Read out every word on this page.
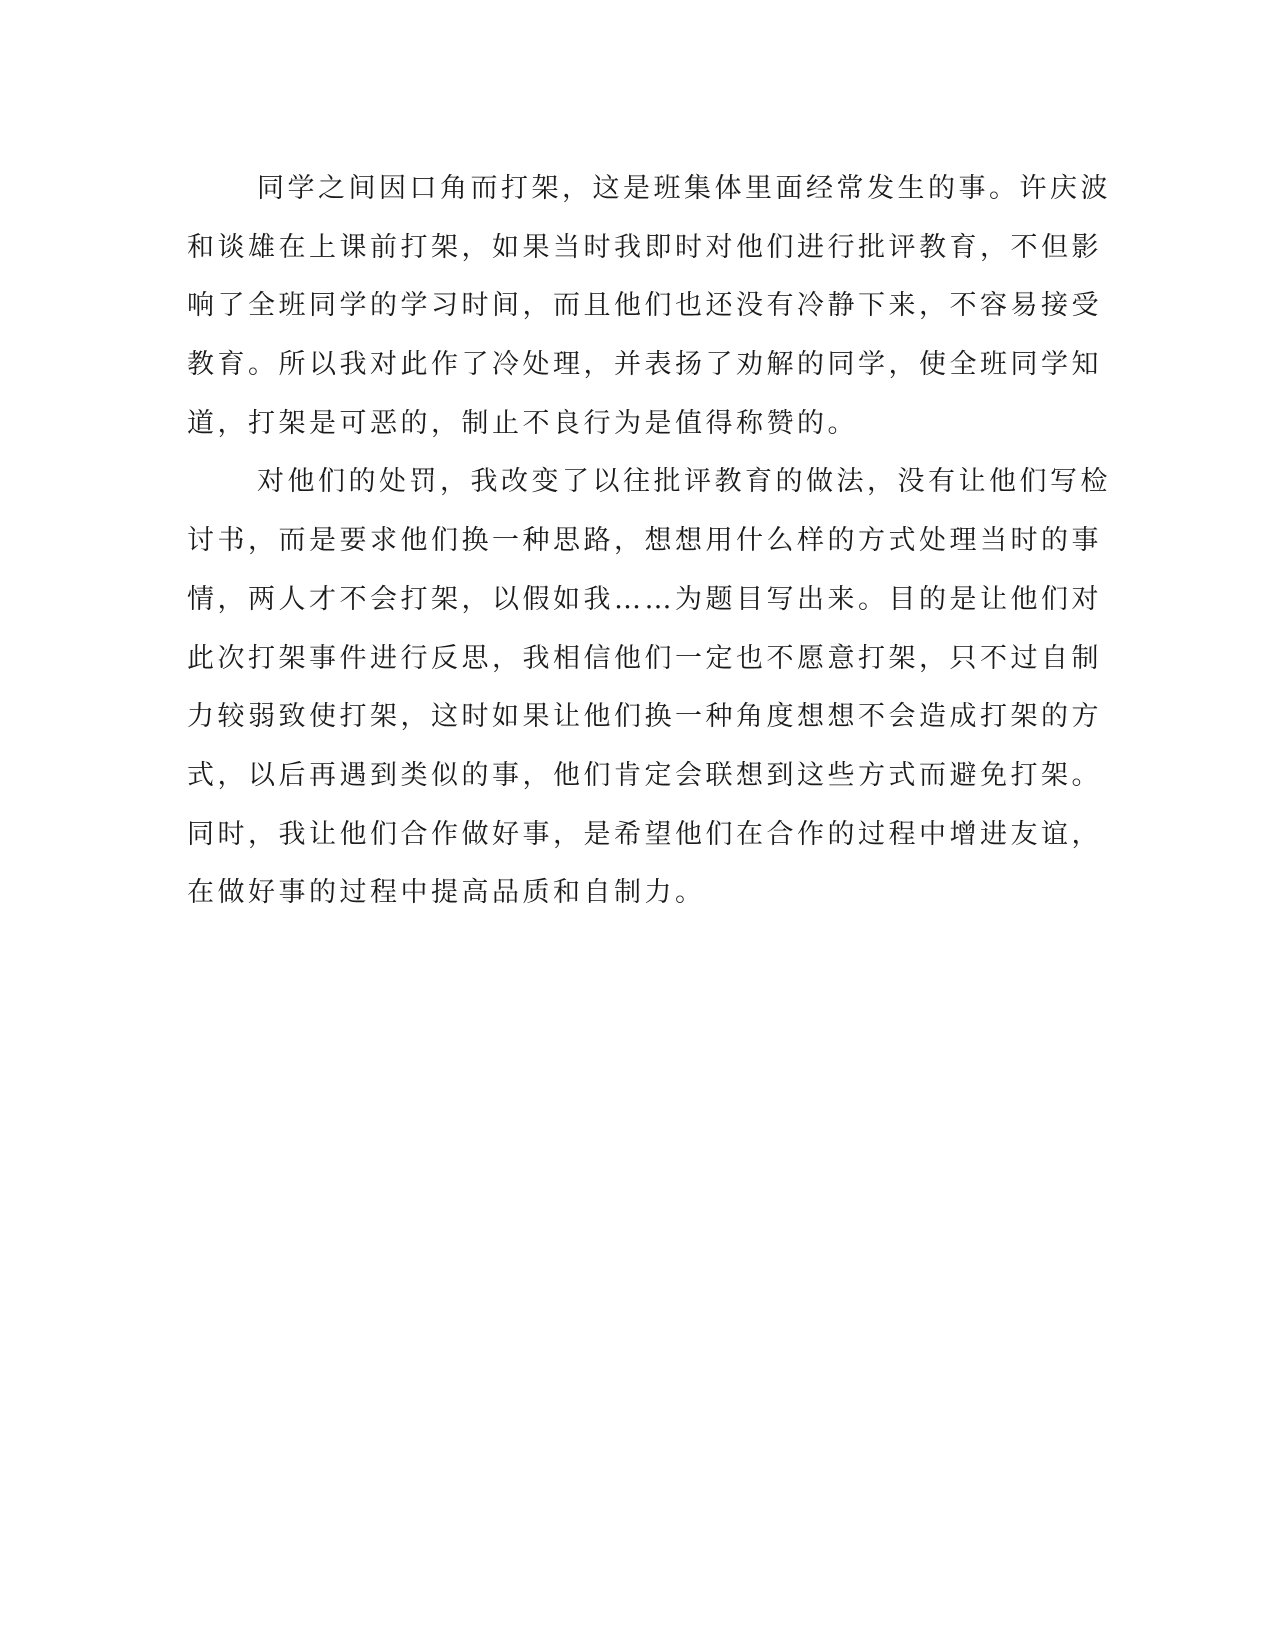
同学之间因口角而打架，这是班集体里面经常发生的事。许庆波
和谈雄在上课前打架，如果当时我即时对他们进行批评教育，不但影
响了全班同学的学习时间，而且他们也还没有冷静下来，不容易接受
教育。所以我对此作了冷处理，并表扬了劝解的同学，使全班同学知
道，打架是可恶的，制止不良行为是值得称赞的。
对他们的处罚，我改变了以往批评教育的做法，没有让他们写检
讨书，而是要求他们换一种思路，想想用什么样的方式处理当时的事
情，两人才不会打架，以假如我……为题目写出来。目的是让他们对
此次打架事件进行反思，我相信他们一定也不愿意打架，只不过自制
力较弱致使打架，这时如果让他们换一种角度想想不会造成打架的方
式，以后再遇到类似的事，他们肯定会联想到这些方式而避免打架。
同时，我让他们合作做好事，是希望他们在合作的过程中增进友谊，
在做好事的过程中提高品质和自制力。
